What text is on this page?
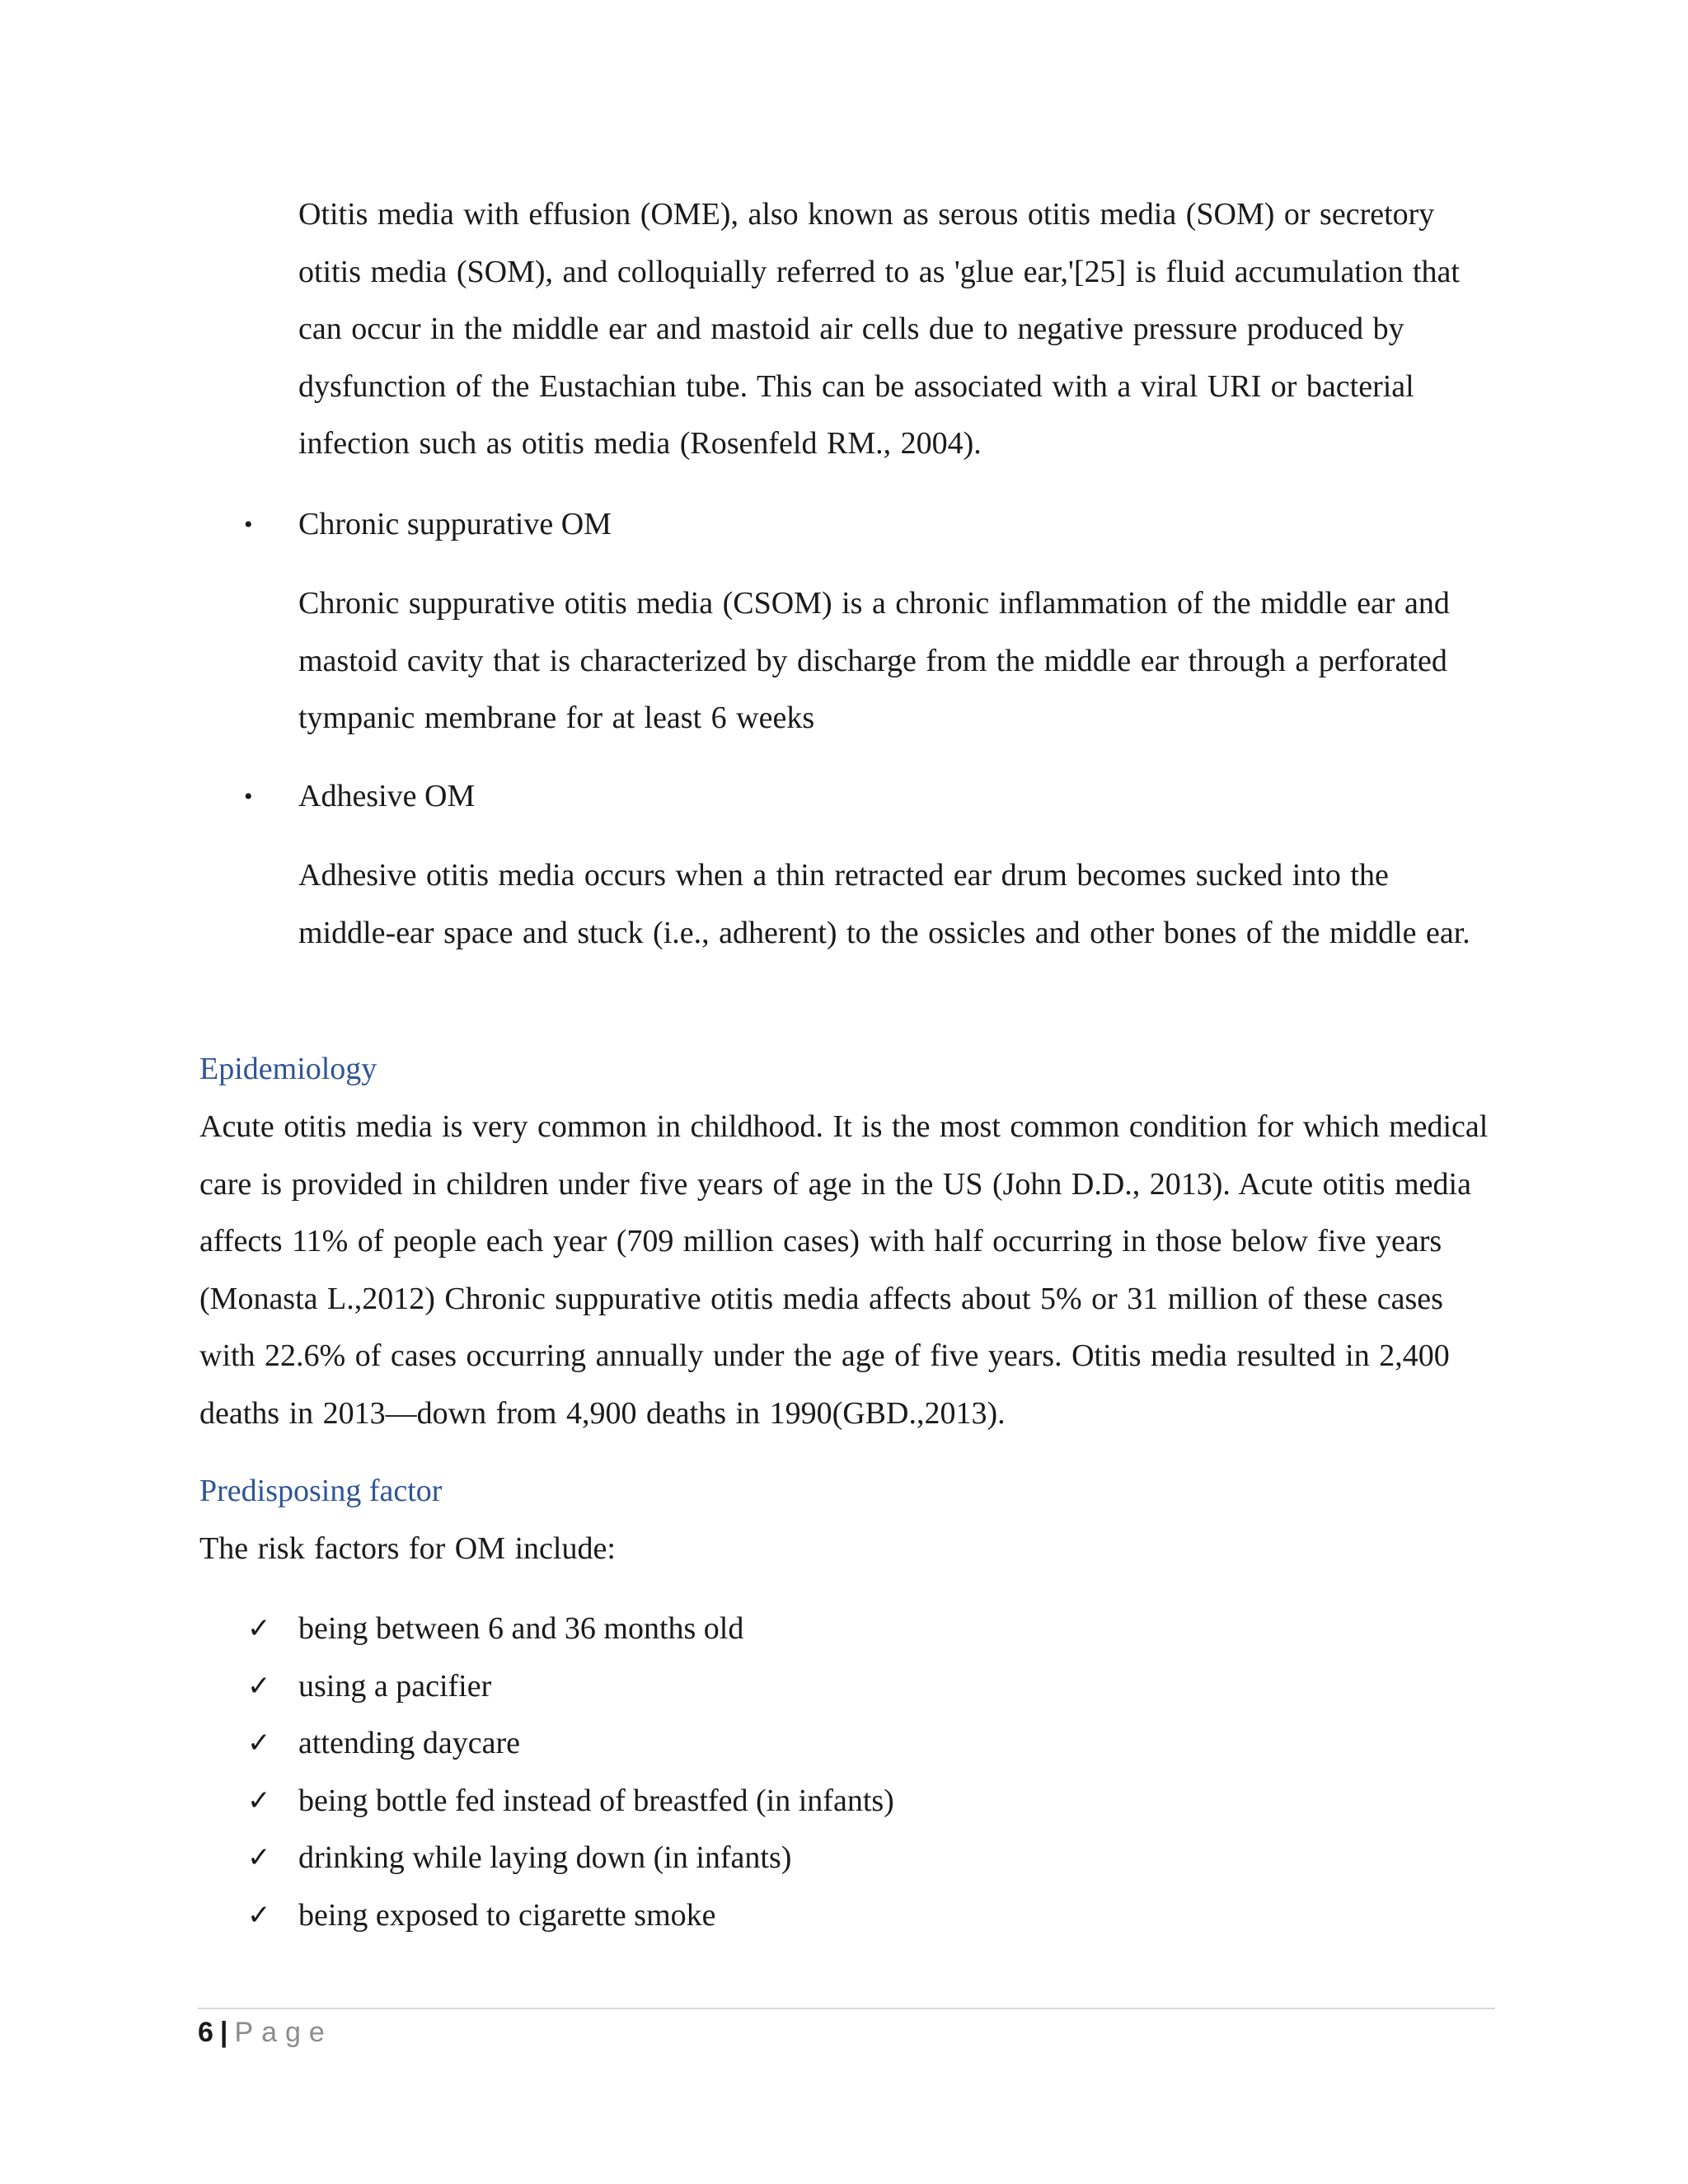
Otitis media with effusion (OME), also known as serous otitis media (SOM) or secretory otitis media (SOM), and colloquially referred to as 'glue ear,'[25] is fluid accumulation that can occur in the middle ear and mastoid air cells due to negative pressure produced by dysfunction of the Eustachian tube. This can be associated with a viral URI or bacterial infection such as otitis media (Rosenfeld RM., 2004).

•	Chronic suppurative OM

Chronic suppurative otitis media (CSOM) is a chronic inflammation of the middle ear and mastoid cavity that is characterized by discharge from the middle ear through a perforated tympanic membrane for at least 6 weeks

•	Adhesive OM

Adhesive otitis media occurs when a thin retracted ear drum becomes sucked into the middle-ear space and stuck (i.e., adherent) to the ossicles and other bones of the middle ear.

Epidemiology

Acute otitis media is very common in childhood. It is the most common condition for which medical care is provided in children under five years of age in the US (John D.D., 2013). Acute otitis media affects 11% of people each year (709 million cases) with half occurring in those below five years (Monasta L.,2012) Chronic suppurative otitis media affects about 5% or 31 million of these cases with 22.6% of cases occurring annually under the age of five years. Otitis media resulted in 2,400 deaths in 2013—down from 4,900 deaths in 1990(GBD.,2013).

Predisposing factor

The risk factors for OM include:

✓ being between 6 and 36 months old
✓ using a pacifier
✓ attending daycare
✓ being bottle fed instead of breastfed (in infants)
✓ drinking while laying down (in infants)
✓ being exposed to cigarette smoke
6 | Page
